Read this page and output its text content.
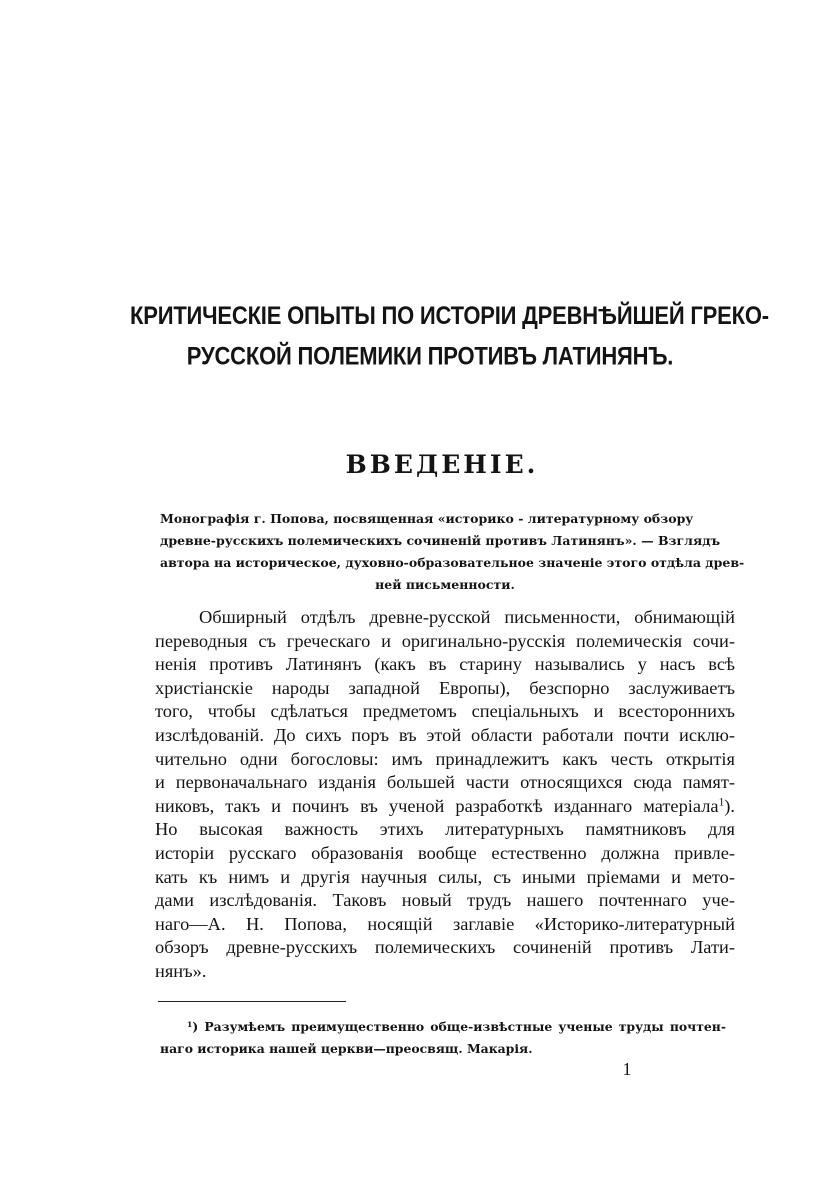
КРИТИЧЕСКІЕ ОПЫТЫ ПО ИСТОРІИ ДРЕВНѢЙШЕЙ ГРЕКО-
РУССКОЙ ПОЛЕМИКИ ПРОТИВЪ ЛАТИНЯНЪ.
ВВЕДЕНІЕ.
Монографія г. Попова, посвященная «историко - литературному обзору
древне-русскихъ полемическихъ сочиненій противъ Латинянъ». — Взглядъ
автора на историческое, духовно-образовательное значеніе этого отдѣла древ-
ней письменности.
Обширный отдѣлъ древне-русской письменности, обнимающій
переводныя съ греческаго и оригинально-русскія полемическія сочи-
ненія противъ Латинянъ (какъ въ старину назывались у насъ всѣ
христіанскіе народы западной Европы), безспорно заслуживаетъ
того, чтобы сдѣлаться предметомъ спеціальныхъ и всестороннихъ
изслѣдованій. До сихъ поръ въ этой области работали почти исклю-
чительно одни богословы: имъ принадлежитъ какъ честь открытія
и первоначальнаго изданія большей части относящихся сюда памят-
никовъ, такъ и починъ въ ученой разработкѣ изданнаго матеріала$^1$).
Но высокая важность этихъ литературныхъ памятниковъ для
исторіи русскаго образованія вообще естественно должна привле-
кать къ нимъ и другія научныя силы, съ иными пріемами и мето-
дами изслѣдованія. Таковъ новый трудъ нашего почтеннаго уче-
наго—А. Н. Попова, носящій заглавіе «Историко-литературный
обзоръ древне-русскихъ полемическихъ сочиненій противъ Лати-
нянъ».
$^1$) Разумѣемъ преимущественно обще-извѣстные ученые труды почтен-
наго историка нашей церкви—преосвящ. Макарія.
1
